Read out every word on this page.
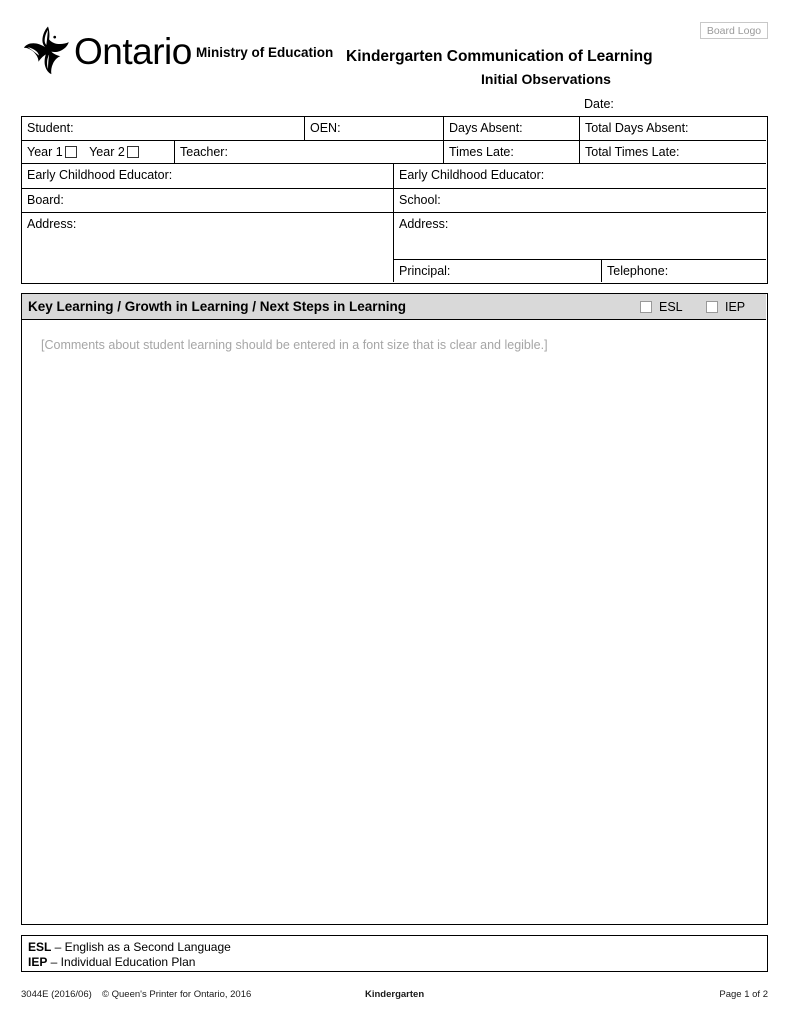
Ontario Ministry of Education Kindergarten Communication of Learning
Initial Observations
Board Logo
Date:
Student:	OEN:	Days Absent:	Total Days Absent:
Year 1 Year 2	Teacher:	Times Late:	Total Times Late:
Early Childhood Educator:	Early Childhood Educator:
Board:	School:
Address:	Address:
Principal:	Telephone:
Key Learning / Growth in Learning / Next Steps in Learning	ESL	IEP
[Comments about student learning should be entered in a font size that is clear and legible.]
ESL – English as a Second Language
IEP – Individual Education Plan
3044E (2016/06) © Queen's Printer for Ontario, 2016	Kindergarten	Page 1 of 2
